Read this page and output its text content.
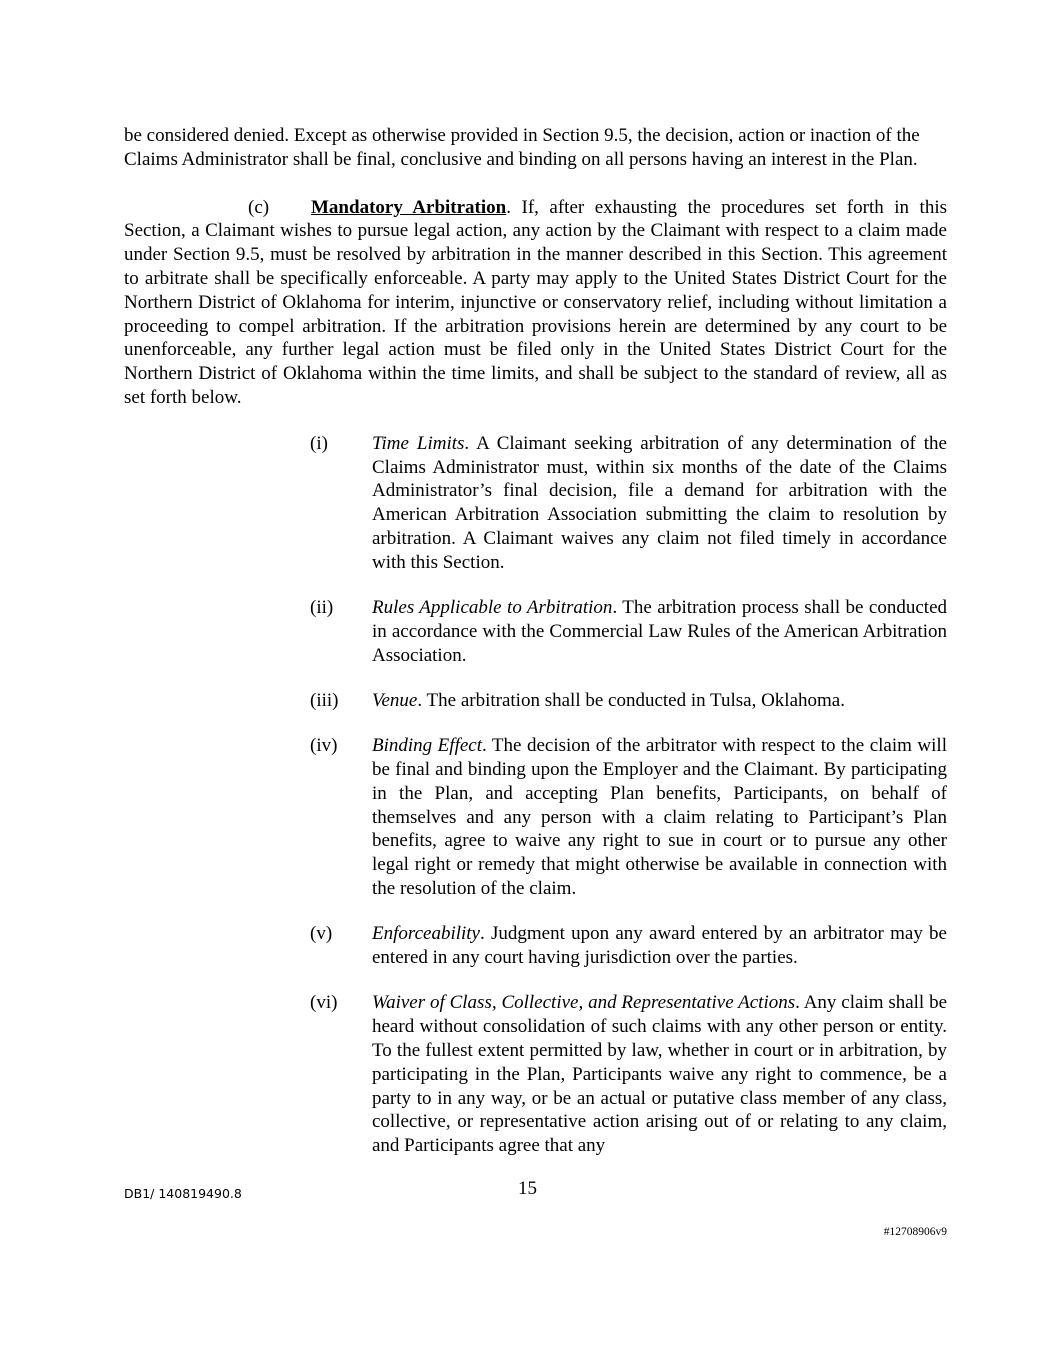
be considered denied. Except as otherwise provided in Section 9.5, the decision, action or inaction of the Claims Administrator shall be final, conclusive and binding on all persons having an interest in the Plan.

(c) Mandatory Arbitration. If, after exhausting the procedures set forth in this Section, a Claimant wishes to pursue legal action, any action by the Claimant with respect to a claim made under Section 9.5, must be resolved by arbitration in the manner described in this Section. This agreement to arbitrate shall be specifically enforceable. A party may apply to the United States District Court for the Northern District of Oklahoma for interim, injunctive or conservatory relief, including without limitation a proceeding to compel arbitration. If the arbitration provisions herein are determined by any court to be unenforceable, any further legal action must be filed only in the United States District Court for the Northern District of Oklahoma within the time limits, and shall be subject to the standard of review, all as set forth below.

(i) Time Limits. A Claimant seeking arbitration of any determination of the Claims Administrator must, within six months of the date of the Claims Administrator’s final decision, file a demand for arbitration with the American Arbitration Association submitting the claim to resolution by arbitration. A Claimant waives any claim not filed timely in accordance with this Section.

(ii) Rules Applicable to Arbitration. The arbitration process shall be conducted in accordance with the Commercial Law Rules of the American Arbitration Association.

(iii) Venue. The arbitration shall be conducted in Tulsa, Oklahoma.

(iv) Binding Effect. The decision of the arbitrator with respect to the claim will be final and binding upon the Employer and the Claimant. By participating in the Plan, and accepting Plan benefits, Participants, on behalf of themselves and any person with a claim relating to Participant’s Plan benefits, agree to waive any right to sue in court or to pursue any other legal right or remedy that might otherwise be available in connection with the resolution of the claim.

(v) Enforceability. Judgment upon any award entered by an arbitrator may be entered in any court having jurisdiction over the parties.

(vi) Waiver of Class, Collective, and Representative Actions. Any claim shall be heard without consolidation of such claims with any other person or entity. To the fullest extent permitted by law, whether in court or in arbitration, by participating in the Plan, Participants waive any right to commence, be a party to in any way, or be an actual or putative class member of any class, collective, or representative action arising out of or relating to any claim, and Participants agree that any

DB1/ 140819490.8	15
#12708906v9
